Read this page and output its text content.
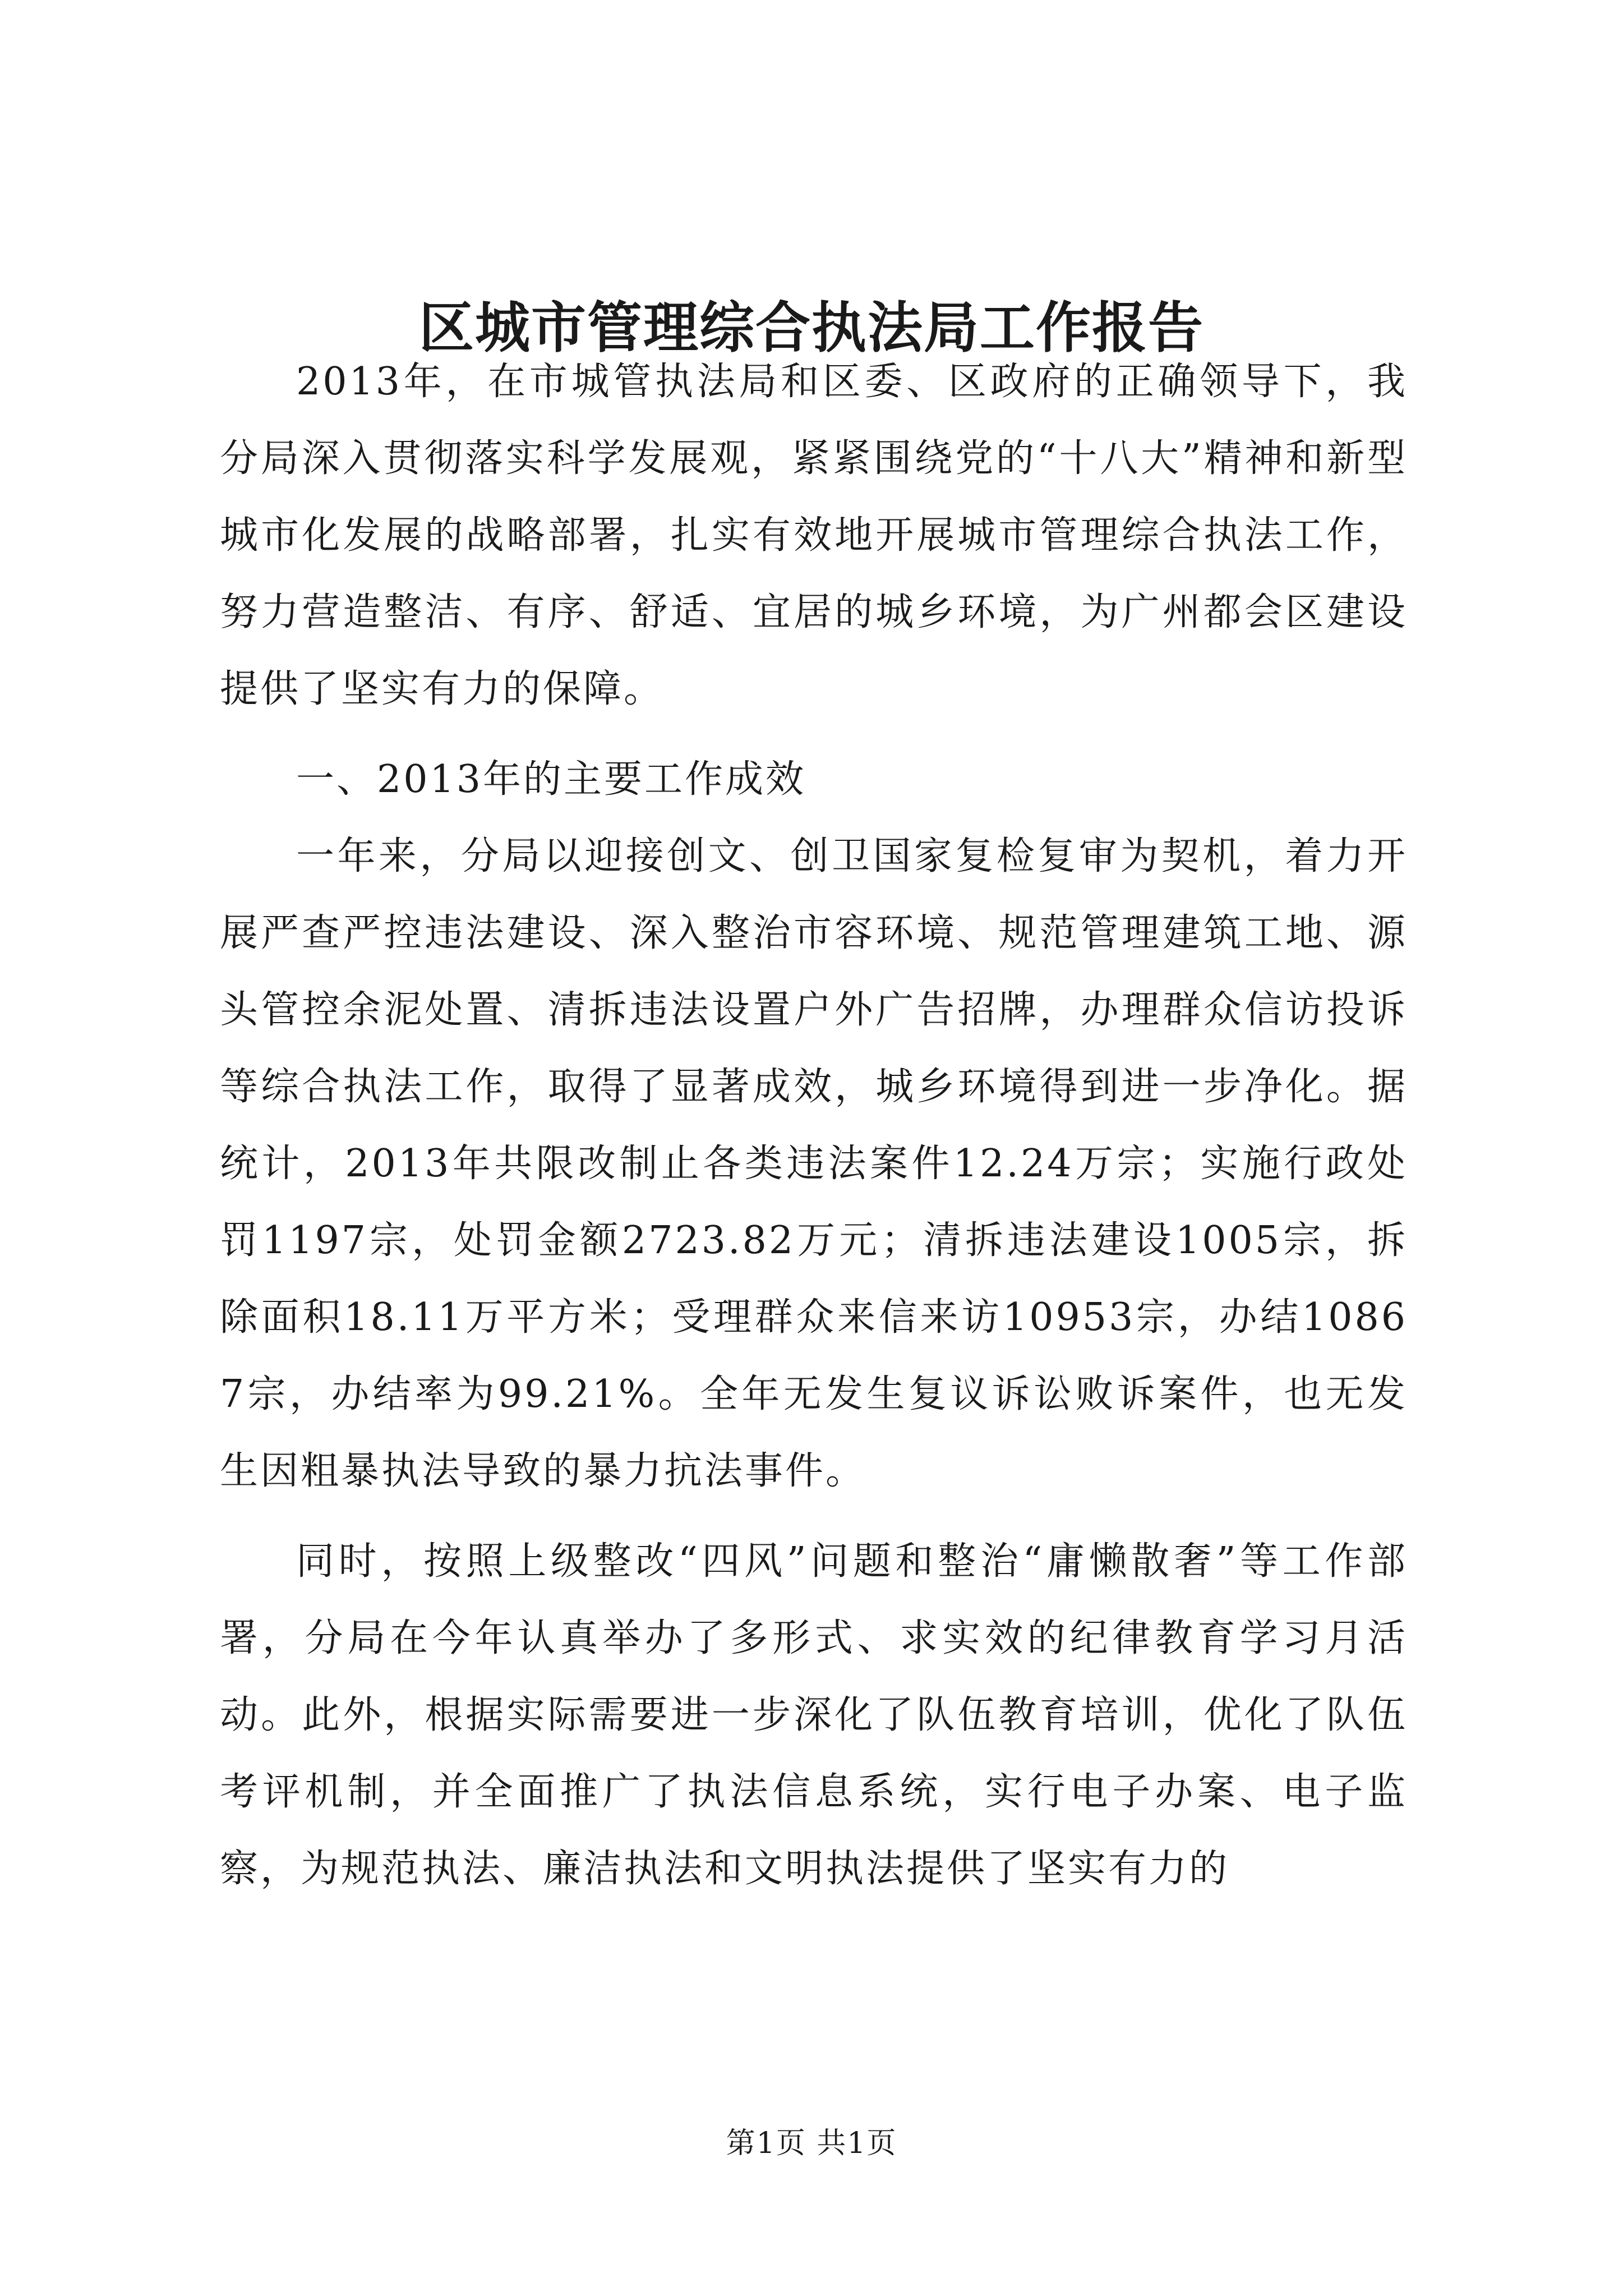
区城市管理综合执法局工作报告

2013年，在市城管执法局和区委、区政府的正确领导下，我分局深入贯彻落实科学发展观，紧紧围绕党的“十八大”精神和新型城市化发展的战略部署，扎实有效地开展城市管理综合执法工作，努力营造整洁、有序、舒适、宜居的城乡环境，为广州都会区建设提供了坚实有力的保障。

一、2013年的主要工作成效

一年来，分局以迎接创文、创卫国家复检复审为契机，着力开展严查严控违法建设、深入整治市容环境、规范管理建筑工地、源头管控余泥处置、清拆违法设置户外广告招牌，办理群众信访投诉等综合执法工作，取得了显著成效，城乡环境得到进一步净化。据统计，2013年共限改制止各类违法案件12.24万宗；实施行政处罚1197宗，处罚金额2723.82万元；清拆违法建设1005宗，拆除面积18.11万平方米；受理群众来信来访10953宗，办结10867宗，办结率为99.21%。全年无发生复议诉讼败诉案件，也无发生因粗暴执法导致的暴力抗法事件。

同时，按照上级整改“四风”问题和整治“庸懒散奢”等工作部署，分局在今年认真举办了多形式、求实效的纪律教育学习月活动。此外，根据实际需要进一步深化了队伍教育培训，优化了队伍考评机制，并全面推广了执法信息系统，实行电子办案、电子监察，为规范执法、廉洁执法和文明执法提供了坚实有力的

第1页 共1页
